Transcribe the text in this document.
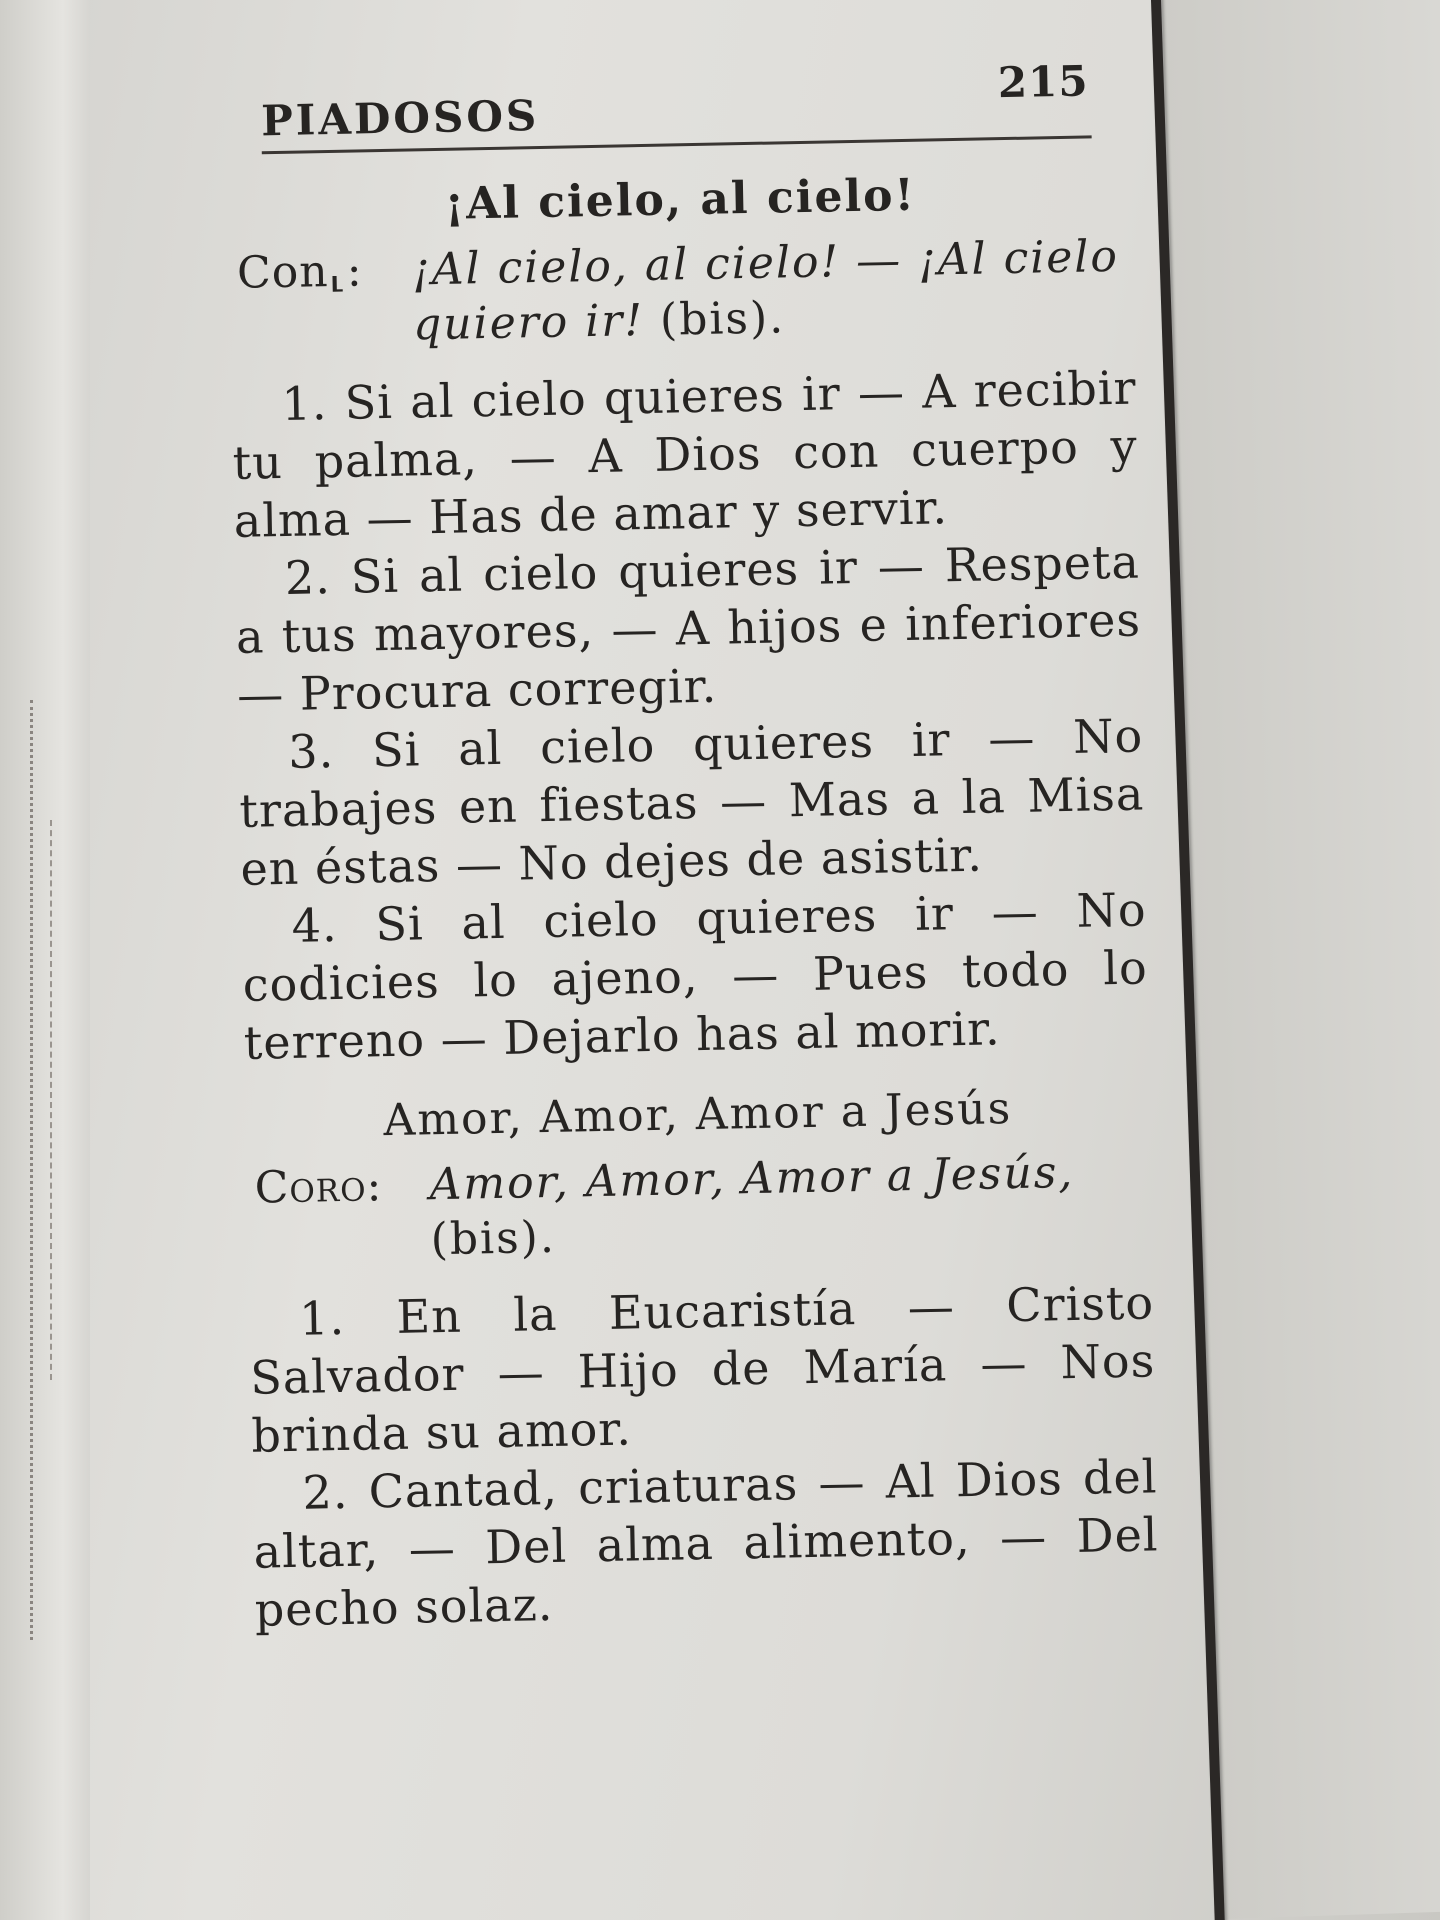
PIADOSOS
215
¡Al cielo, al cielo!
Con⸤:	¡Al cielo, al cielo! — ¡Al cielo quiero ir! (bis).

1. Si al cielo quieres ir — A recibir tu palma, — A Dios con cuerpo y alma — Has de amar y servir.

2. Si al cielo quieres ir — Respeta a tus mayores, — A hijos e inferiores — Procura corregir.

3. Si al cielo quieres ir — No trabajes en fiestas — Mas a la Misa en éstas — No dejes de asistir.

4. Si al cielo quieres ir — No codicies lo ajeno, — Pues todo lo terreno — Dejarlo has al morir.

Amor, Amor, Amor a Jesús
Coro:	Amor, Amor, Amor a Jesús, (bis).

1. En la Eucaristía — Cristo Salvador — Hijo de María — Nos brinda su amor.

2. Cantad, criaturas — Al Dios del altar, — Del alma alimento, — Del pecho solaz.
